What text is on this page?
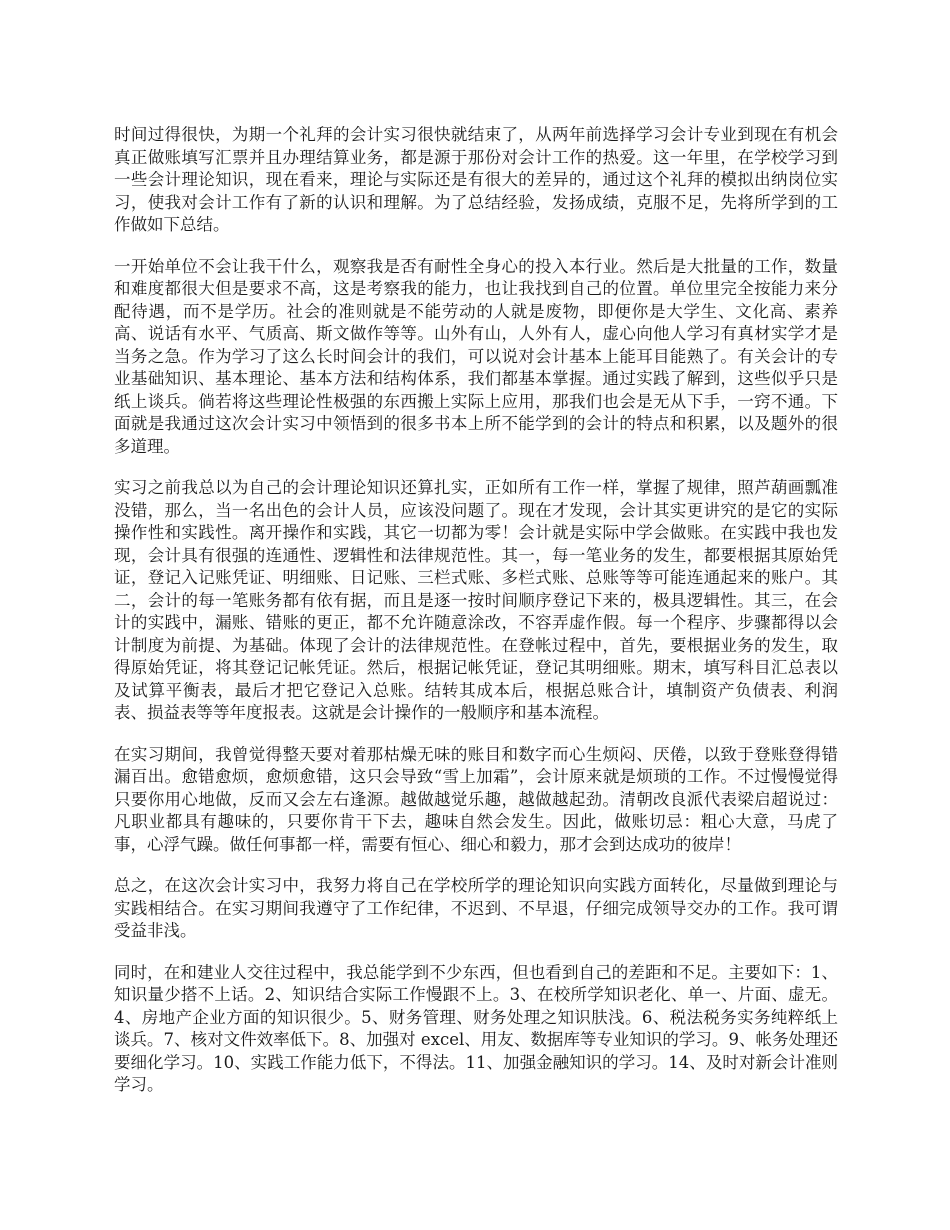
时间过得很快，为期一个礼拜的会计实习很快就结束了，从两年前选择学习会计专业到现在有机会真正做账填写汇票并且办理结算业务，都是源于那份对会计工作的热爱。这一年里，在学校学习到一些会计理论知识，现在看来，理论与实际还是有很大的差异的，通过这个礼拜的模拟出纳岗位实习，使我对会计工作有了新的认识和理解。为了总结经验，发扬成绩，克服不足，先将所学到的工作做如下总结。

一开始单位不会让我干什么，观察我是否有耐性全身心的投入本行业。然后是大批量的工作，数量和难度都很大但是要求不高，这是考察我的能力，也让我找到自己的位置。单位里完全按能力来分配待遇，而不是学历。社会的准则就是不能劳动的人就是废物，即便你是大学生、文化高、素养高、说话有水平、气质高、斯文做作等等。山外有山，人外有人，虚心向他人学习有真材实学才是当务之急。作为学习了这么长时间会计的我们，可以说对会计基本上能耳目能熟了。有关会计的专业基础知识、基本理论、基本方法和结构体系，我们都基本掌握。通过实践了解到，这些似乎只是纸上谈兵。倘若将这些理论性极强的东西搬上实际上应用，那我们也会是无从下手，一窍不通。下面就是我通过这次会计实习中领悟到的很多书本上所不能学到的会计的特点和积累，以及题外的很多道理。

实习之前我总以为自己的会计理论知识还算扎实，正如所有工作一样，掌握了规律，照芦葫画瓢准没错，那么，当一名出色的会计人员，应该没问题了。现在才发现，会计其实更讲究的是它的实际操作性和实践性。离开操作和实践，其它一切都为零！会计就是实际中学会做账。在实践中我也发现，会计具有很强的连通性、逻辑性和法律规范性。其一，每一笔业务的发生，都要根据其原始凭证，登记入记账凭证、明细账、日记账、三栏式账、多栏式账、总账等等可能连通起来的账户。其二，会计的每一笔账务都有依有据，而且是逐一按时间顺序登记下来的，极具逻辑性。其三，在会计的实践中，漏账、错账的更正，都不允许随意涂改，不容弄虚作假。每一个程序、步骤都得以会计制度为前提、为基础。体现了会计的法律规范性。在登帐过程中，首先，要根据业务的发生，取得原始凭证，将其登记记帐凭证。然后，根据记帐凭证，登记其明细账。期末，填写科目汇总表以及试算平衡表，最后才把它登记入总账。结转其成本后，根据总账合计，填制资产负债表、利润表、损益表等等年度报表。这就是会计操作的一般顺序和基本流程。

在实习期间，我曾觉得整天要对着那枯燥无味的账目和数字而心生烦闷、厌倦，以致于登账登得错漏百出。愈错愈烦，愈烦愈错，这只会导致“雪上加霜”，会计原来就是烦琐的工作。不过慢慢觉得只要你用心地做，反而又会左右逢源。越做越觉乐趣，越做越起劲。清朝改良派代表梁启超说过：凡职业都具有趣味的，只要你肯干下去，趣味自然会发生。因此，做账切忌：粗心大意，马虎了事，心浮气躁。做任何事都一样，需要有恒心、细心和毅力，那才会到达成功的彼岸！

总之，在这次会计实习中，我努力将自己在学校所学的理论知识向实践方面转化，尽量做到理论与实践相结合。在实习期间我遵守了工作纪律，不迟到、不早退，仔细完成领导交办的工作。我可谓受益非浅。

同时，在和建业人交往过程中，我总能学到不少东西，但也看到自己的差距和不足。主要如下：1、知识量少搭不上话。2、知识结合实际工作慢跟不上。3、在校所学知识老化、单一、片面、虚无。4、房地产企业方面的知识很少。5、财务管理、财务处理之知识肤浅。6、税法税务实务纯粹纸上谈兵。7、核对文件效率低下。8、加强对 excel、用友、数据库等专业知识的学习。9、帐务处理还要细化学习。10、实践工作能力低下，不得法。11、加强金融知识的学习。14、及时对新会计准则学习。
